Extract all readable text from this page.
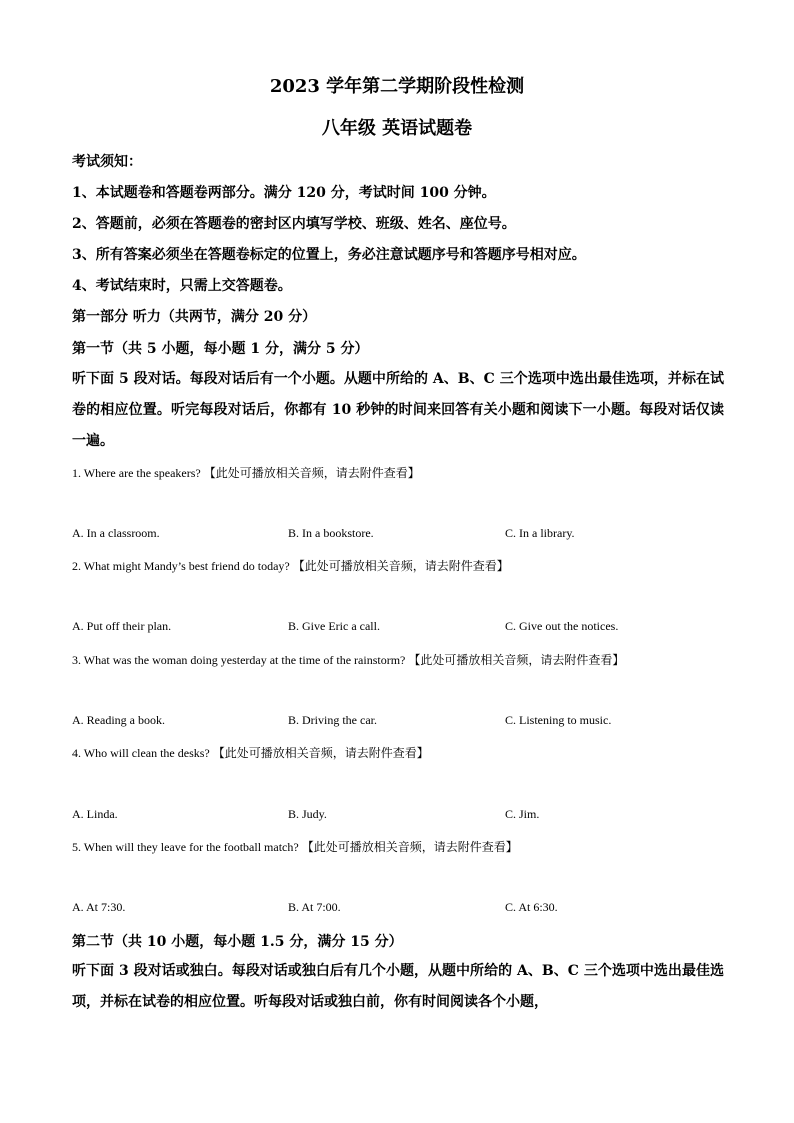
2023 学年第二学期阶段性检测
八年级 英语试题卷
考试须知：
1、本试题卷和答题卷两部分。满分 120 分，考试时间 100 分钟。
2、答题前，必须在答题卷的密封区内填写学校、班级、姓名、座位号。
3、所有答案必须坐在答题卷标定的位置上，务必注意试题序号和答题序号相对应。
4、考试结束时，只需上交答题卷。
第一部分 听力（共两节，满分 20 分）
第一节（共 5 小题，每小题 1 分，满分 5 分）
听下面 5 段对话。每段对话后有一个小题。从题中所给的 A、B、C 三个选项中选出最佳选项，并标在试卷的相应位置。听完每段对话后，你都有 10 秒钟的时间来回答有关小题和阅读下一小题。每段对话仅读一遍。
1. Where are the speakers? 【此处可播放相关音频，请去附件查看】
A. In a classroom.	B. In a bookstore.	C. In a library.
2. What might Mandy’s best friend do today? 【此处可播放相关音频，请去附件查看】
A. Put off their plan.	B. Give Eric a call.	C. Give out the notices.
3. What was the woman doing yesterday at the time of the rainstorm? 【此处可播放相关音频，请去附件查看】
A. Reading a book.	B. Driving the car.	C. Listening to music.
4. Who will clean the desks? 【此处可播放相关音频，请去附件查看】
A. Linda.	B. Judy.	C. Jim.
5. When will they leave for the football match? 【此处可播放相关音频，请去附件查看】
A. At 7:30.	B. At 7:00.	C. At 6:30.
第二节（共 10 小题，每小题 1.5 分，满分 15 分）
听下面 3 段对话或独白。每段对话或独白后有几个小题，从题中所给的 A、B、C 三个选项中选出最佳选项，并标在试卷的相应位置。听每段对话或独白前，你有时间阅读各个小题，
